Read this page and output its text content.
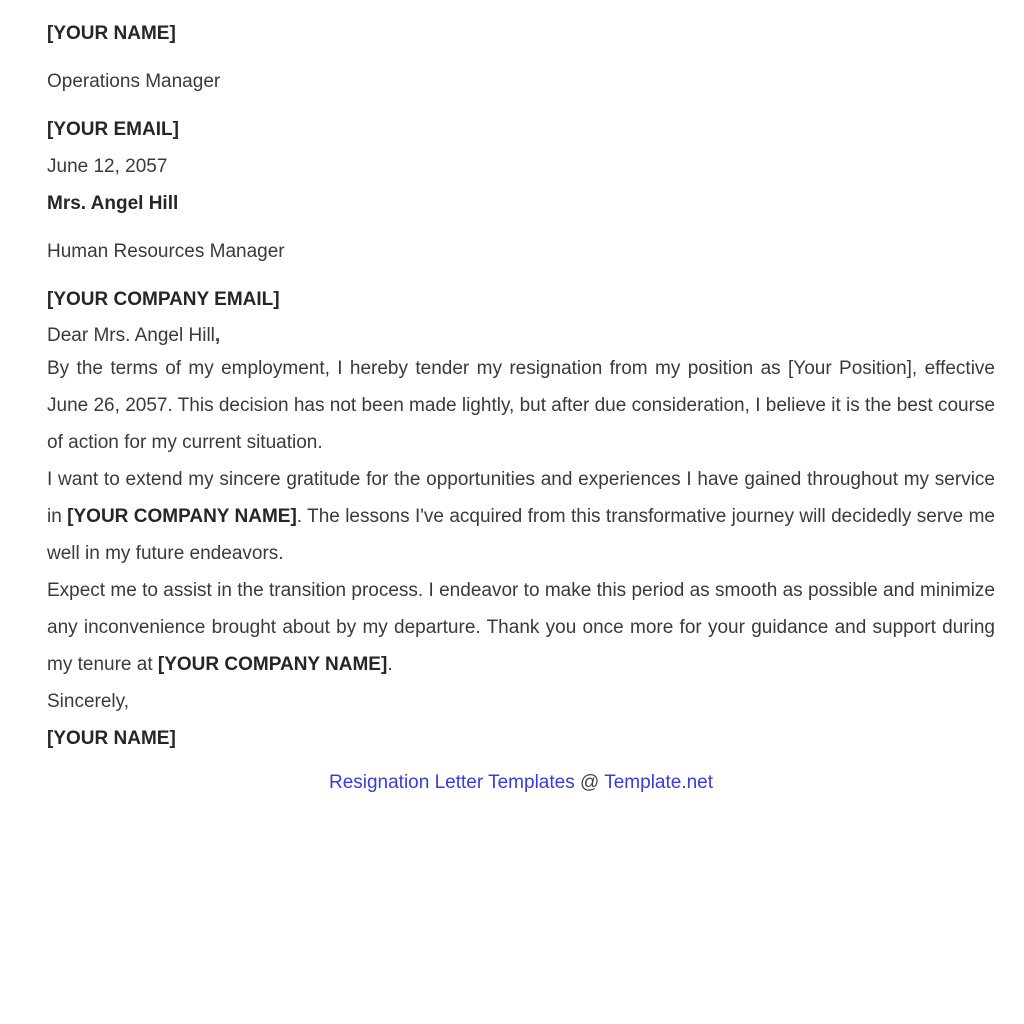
[YOUR NAME]

Operations Manager

[YOUR EMAIL]

June 12, 2057

Mrs. Angel Hill

Human Resources Manager

[YOUR COMPANY EMAIL]

Dear Mrs. Angel Hill,

By the terms of my employment, I hereby tender my resignation from my position as [Your Position], effective June 26, 2057. This decision has not been made lightly, but after due consideration, I believe it is the best course of action for my current situation.

I want to extend my sincere gratitude for the opportunities and experiences I have gained throughout my service in [YOUR COMPANY NAME]. The lessons I've acquired from this transformative journey will decidedly serve me well in my future endeavors.

Expect me to assist in the transition process. I endeavor to make this period as smooth as possible and minimize any inconvenience brought about by my departure. Thank you once more for your guidance and support during my tenure at [YOUR COMPANY NAME].

Sincerely,

[YOUR NAME]

Resignation Letter Templates @ Template.net
